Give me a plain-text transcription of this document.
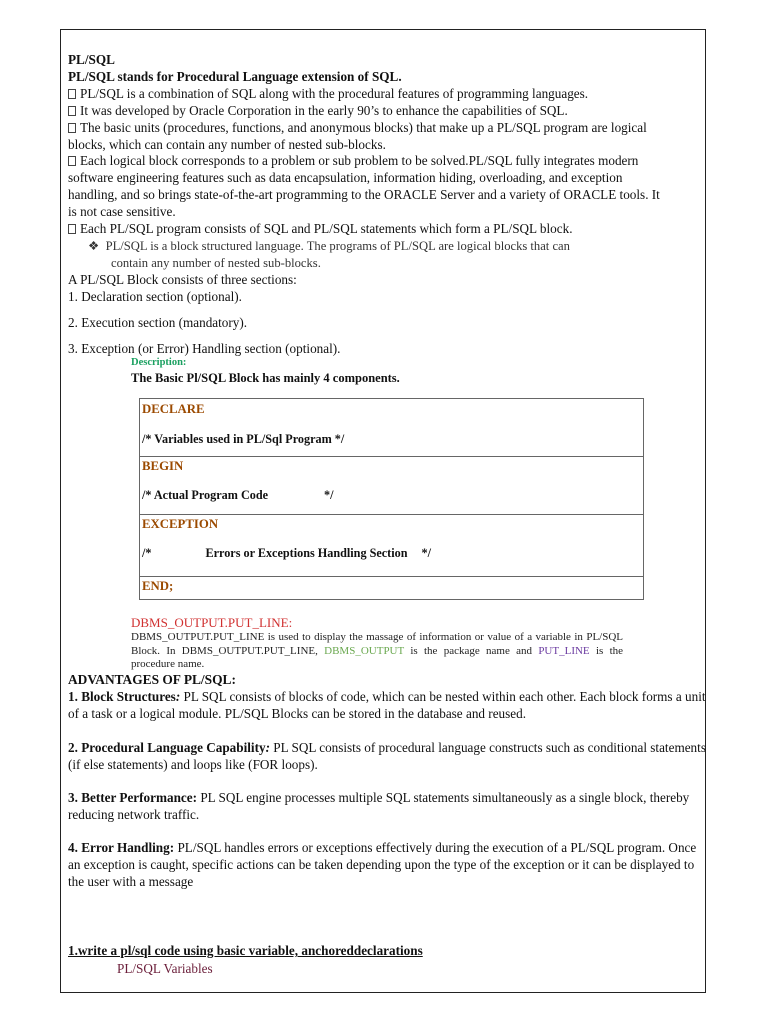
PL/SQL
PL/SQL stands for Procedural Language extension of SQL.
PL/SQL is a combination of SQL along with the procedural features of programming languages.
It was developed by Oracle Corporation in the early 90’s to enhance the capabilities of SQL.
The basic units (procedures, functions, and anonymous blocks) that make up a PL/SQL program are logical
blocks, which can contain any number of nested sub-blocks.
Each logical block corresponds to a problem or sub problem to be solved.PL/SQL fully integrates modern
software engineering features such as data encapsulation, information hiding, overloading, and exception
handling, and so brings state-of-the-art programming to the ORACLE Server and a variety of ORACLE tools. It
is not case sensitive.
Each PL/SQL program consists of SQL and PL/SQL statements which form a PL/SQL block.
❖ PL/SQL is a block structured language. The programs of PL/SQL are logical blocks that can
contain any number of nested sub-blocks.
A PL/SQL Block consists of three sections:
1. Declaration section (optional).
2. Execution section (mandatory).
3. Exception (or Error) Handling section (optional).
Description:
The Basic Pl/SQL Block has mainly 4 components.
DECLARE
/* Variables used in PL/Sql Program */
BEGIN
/* Actual Program Code	*/
EXCEPTION
/*	Errors or Exceptions Handling Section */
END;
DBMS_OUTPUT.PUT_LINE:
DBMS_OUTPUT.PUT_LINE is used to display the massage of information or value of a variable in PL/SQL Block. In DBMS_OUTPUT.PUT_LINE, DBMS_OUTPUT is the package name and PUT_LINE is the procedure name.
ADVANTAGES OF PL/SQL:
1. Block Structures: PL SQL consists of blocks of code, which can be nested within each other. Each block forms a unit of a task or a logical module. PL/SQL Blocks can be stored in the database and reused.
2. Procedural Language Capability: PL SQL consists of procedural language constructs such as conditional statements (if else statements) and loops like (FOR loops).
3. Better Performance: PL SQL engine processes multiple SQL statements simultaneously as a single block, thereby reducing network traffic.
4. Error Handling: PL/SQL handles errors or exceptions effectively during the execution of a PL/SQL program. Once an exception is caught, specific actions can be taken depending upon the type of the exception or it can be displayed to the user with a message
1.write a pl/sql code using basic variable, anchoreddeclarations
PL/SQL Variables
